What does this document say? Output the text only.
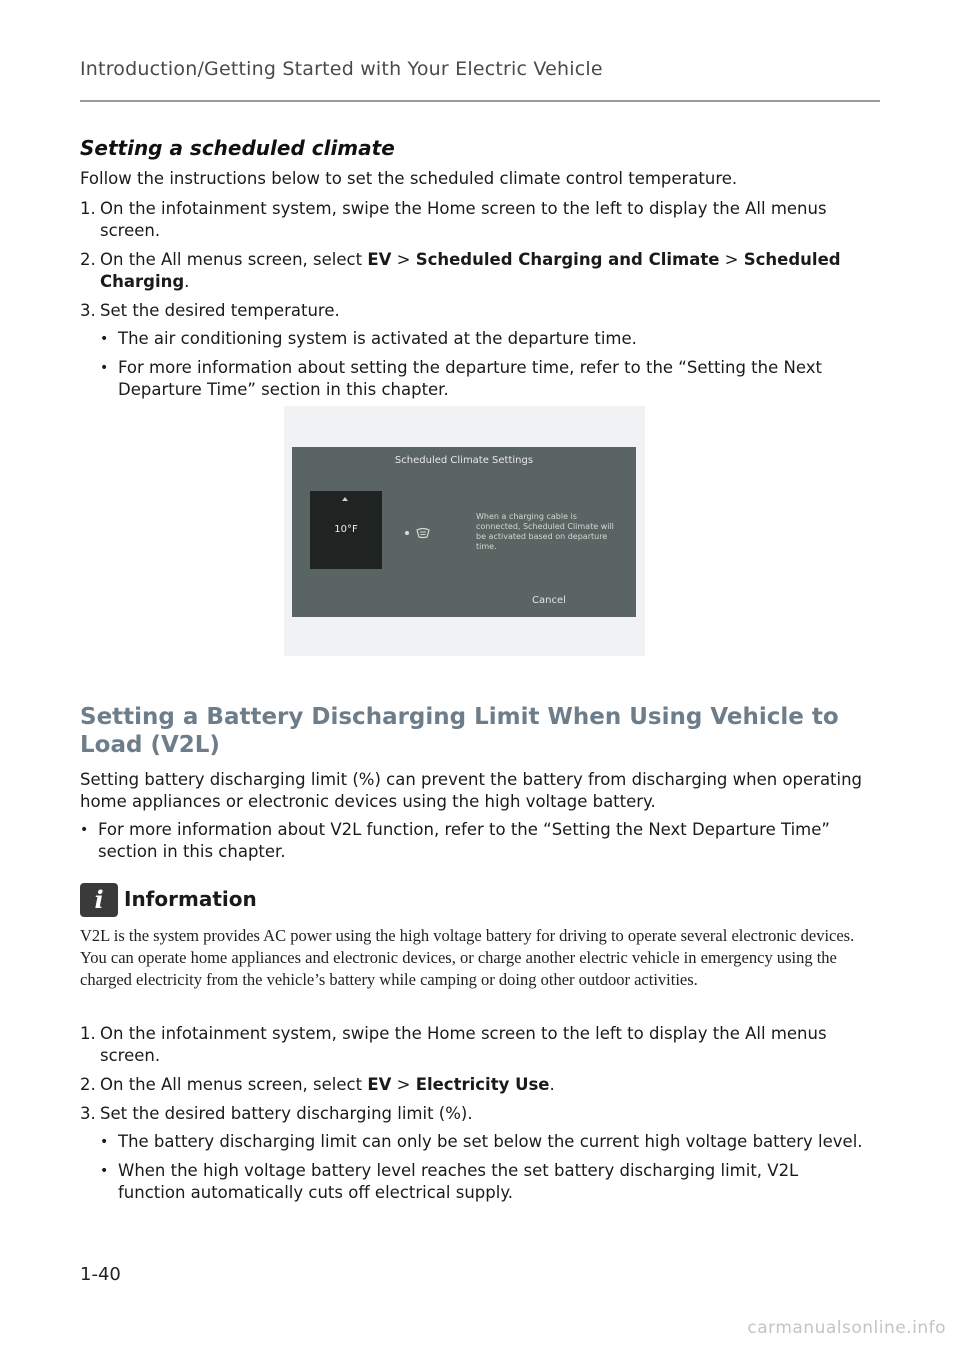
Introduction/Getting Started with Your Electric Vehicle
Setting a scheduled climate

Follow the instructions below to set the scheduled climate control temperature.

1. On the infotainment system, swipe the Home screen to the left to display the All menus screen.
2. On the All menus screen, select EV > Scheduled Charging and Climate > Scheduled Charging.
3. Set the desired temperature.
• The air conditioning system is activated at the departure time.
• For more information about setting the departure time, refer to the “Setting the Next Departure Time” section in this chapter.
Scheduled Climate Settings
10°F
When a charging cable is connected, Scheduled Climate will be activated based on departure time.
Cancel
Setting a Battery Discharging Limit When Using Vehicle to Load (V2L)

Setting battery discharging limit (%) can prevent the battery from discharging when operating home appliances or electronic devices using the high voltage battery.

• For more information about V2L function, refer to the “Setting the Next Departure Time” section in this chapter.
i	Information
V2L is the system provides AC power using the high voltage battery for driving to operate several electronic devices. You can operate home appliances and electronic devices, or charge another electric vehicle in emergency using the charged electricity from the vehicle’s battery while camping or doing other outdoor activities.
1. On the infotainment system, swipe the Home screen to the left to display the All menus screen.
2. On the All menus screen, select EV > Electricity Use.
3. Set the desired battery discharging limit (%).
• The battery discharging limit can only be set below the current high voltage battery level.
• When the high voltage battery level reaches the set battery discharging limit, V2L function automatically cuts off electrical supply.
1-40
carmanualsonline.info
